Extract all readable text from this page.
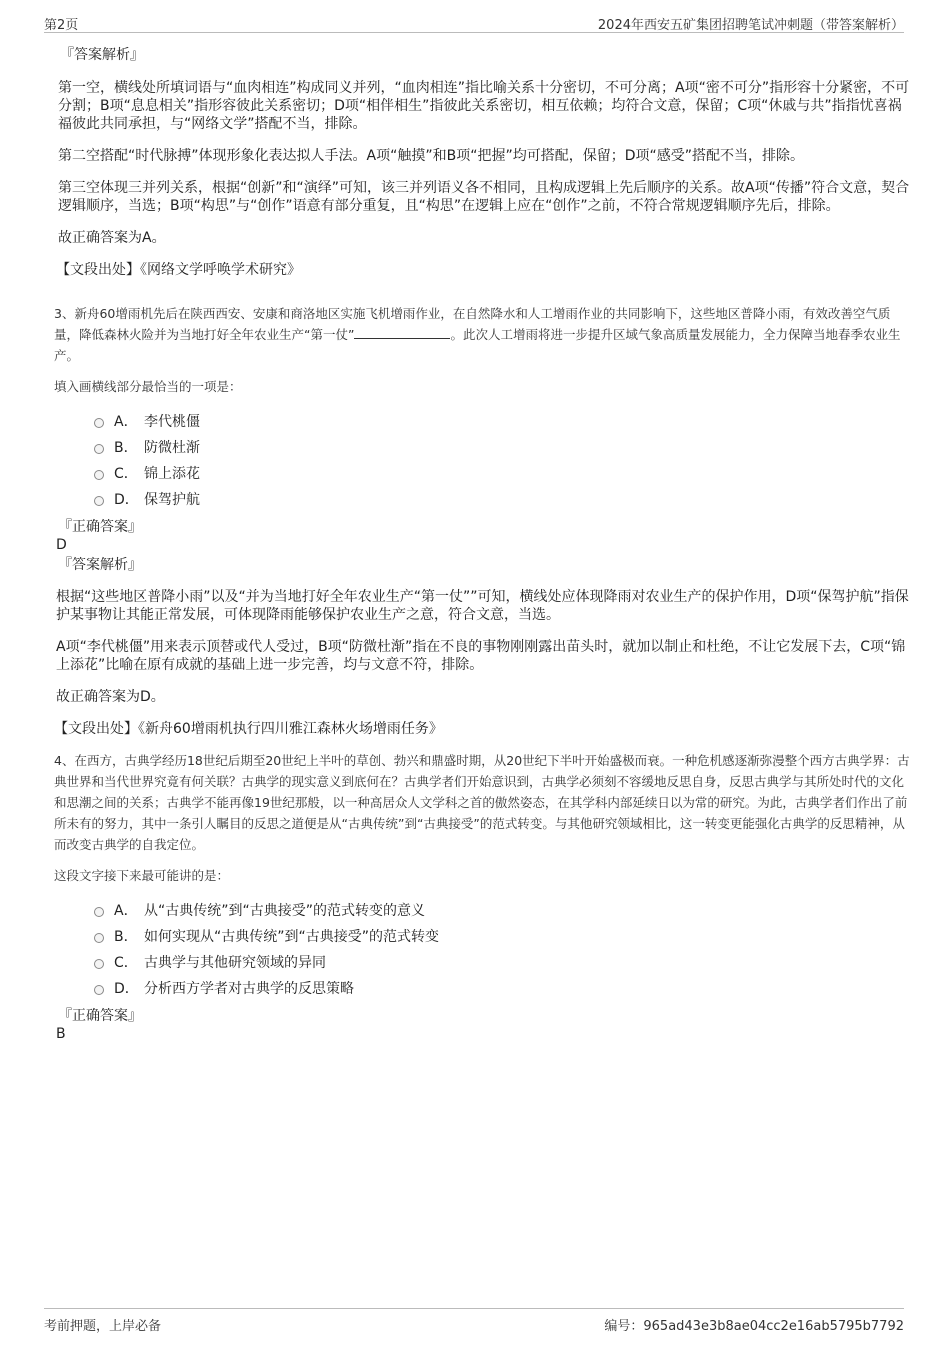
第2页	2024年西安五矿集团招聘笔试冲刺题（带答案解析）
『答案解析』
第一空，横线处所填词语与“血肉相连”构成同义并列，“血肉相连”指比喻关系十分密切，不可分离；A项“密不可分”指形容十分紧密，不可分割；B项“息息相关”指形容彼此关系密切；D项“相伴相生”指彼此关系密切，相互依赖；均符合文意，保留；C项“休戚与共”指指忧喜祸福彼此共同承担，与“网络文学”搭配不当，排除。
第二空搭配“时代脉搏”体现形象化表达拟人手法。A项“触摸”和B项“把握”均可搭配，保留；D项“感受”搭配不当，排除。
第三空体现三并列关系，根据“创新”和“演绎”可知，该三并列语义各不相同，且构成逻辑上先后顺序的关系。故A项“传播”符合文意，契合逻辑顺序，当选；B项“构思”与“创作”语意有部分重复，且“构思”在逻辑上应在“创作”之前，不符合常规逻辑顺序先后，排除。
故正确答案为A。
【文段出处】《网络文学呼唤学术研究》
3、新舟60增雨机先后在陕西西安、安康和商洛地区实施飞机增雨作业，在自然降水和人工增雨作业的共同影响下，这些地区普降小雨，有效改善空气质量，降低森林火险并为当地打好全年农业生产“第一仗”	。此次人工增雨将进一步提升区域气象高质量发展能力，全力保障当地春季农业生产。
填入画横线部分最恰当的一项是：
A． 李代桃僵
B． 防微杜渐
C． 锦上添花
D． 保驾护航
『正确答案』
D
『答案解析』
根据“这些地区普降小雨”以及“并为当地打好全年农业生产“第一仗””可知，横线处应体现降雨对农业生产的保护作用，D项“保驾护航”指保护某事物让其能正常发展，可体现降雨能够保护农业生产之意，符合文意，当选。
A项“李代桃僵”用来表示顶替或代人受过，B项“防微杜渐”指在不良的事物刚刚露出苗头时，就加以制止和杜绝，不让它发展下去，C项“锦上添花”比喻在原有成就的基础上进一步完善，均与文意不符，排除。
故正确答案为D。
【文段出处】《新舟60增雨机执行四川雅江森林火场增雨任务》
4、在西方，古典学经历18世纪后期至20世纪上半叶的草创、勃兴和鼎盛时期，从20世纪下半叶开始盛极而衰。一种危机感逐渐弥漫整个西方古典学界：古典世界和当代世界究竟有何关联？古典学的现实意义到底何在？古典学者们开始意识到，古典学必须刻不容缓地反思自身，反思古典学与其所处时代的文化和思潮之间的关系；古典学不能再像19世纪那般，以一种高居众人文学科之首的傲然姿态，在其学科内部延续日以为常的研究。为此，古典学者们作出了前所未有的努力，其中一条引人瞩目的反思之道便是从“古典传统”到“古典接受”的范式转变。与其他研究领域相比，这一转变更能强化古典学的反思精神，从而改变古典学的自我定位。
这段文字接下来最可能讲的是：
A． 从“古典传统”到“古典接受”的范式转变的意义
B． 如何实现从“古典传统”到“古典接受”的范式转变
C． 古典学与其他研究领域的异同
D． 分析西方学者对古典学的反思策略
『正确答案』
B
考前押题，上岸必备	编号：965ad43e3b8ae04cc2e16ab5795b7792
